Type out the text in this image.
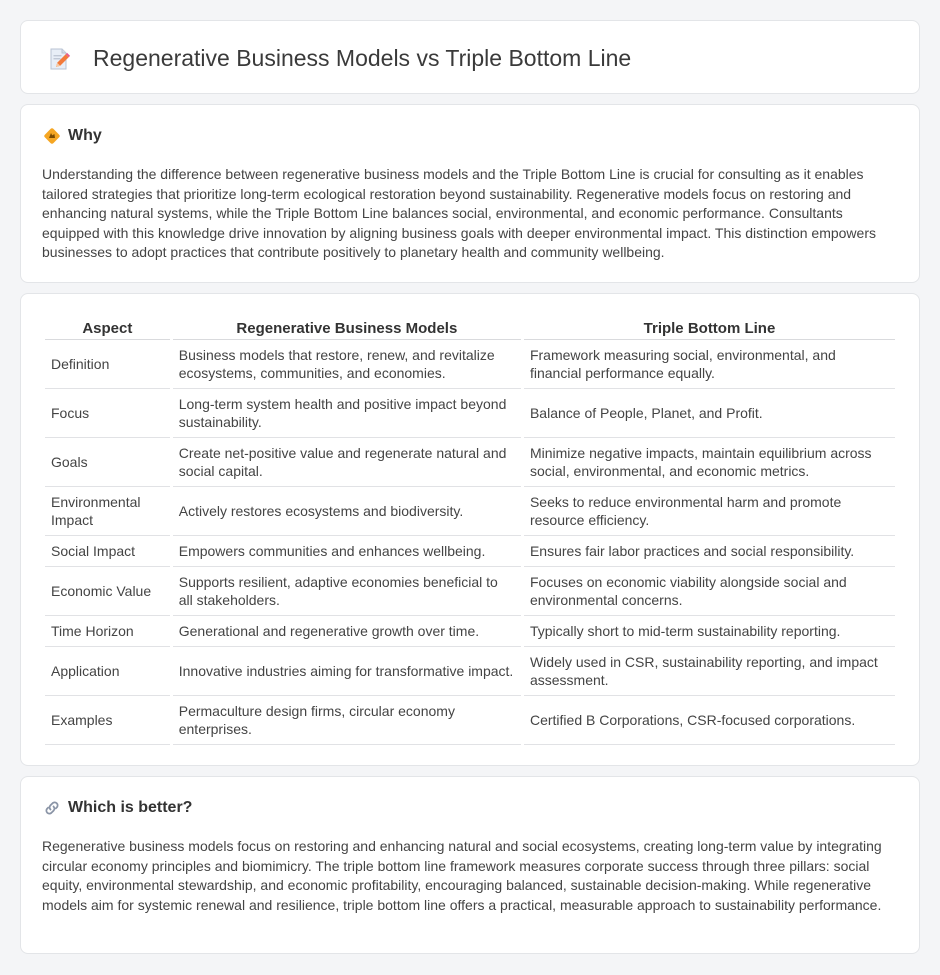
Regenerative Business Models vs Triple Bottom Line
Why
Understanding the difference between regenerative business models and the Triple Bottom Line is crucial for consulting as it enables tailored strategies that prioritize long-term ecological restoration beyond sustainability. Regenerative models focus on restoring and enhancing natural systems, while the Triple Bottom Line balances social, environmental, and economic performance. Consultants equipped with this knowledge drive innovation by aligning business goals with deeper environmental impact. This distinction empowers businesses to adopt practices that contribute positively to planetary health and community wellbeing.
Aspect	Regenerative Business Models	Triple Bottom Line
Definition	Business models that restore, renew, and revitalize ecosystems, communities, and economies.	Framework measuring social, environmental, and financial performance equally.
Focus	Long-term system health and positive impact beyond sustainability.	Balance of People, Planet, and Profit.
Goals	Create net-positive value and regenerate natural and social capital.	Minimize negative impacts, maintain equilibrium across social, environmental, and economic metrics.
Environmental Impact	Actively restores ecosystems and biodiversity.	Seeks to reduce environmental harm and promote resource efficiency.
Social Impact	Empowers communities and enhances wellbeing.	Ensures fair labor practices and social responsibility.
Economic Value	Supports resilient, adaptive economies beneficial to all stakeholders.	Focuses on economic viability alongside social and environmental concerns.
Time Horizon	Generational and regenerative growth over time.	Typically short to mid-term sustainability reporting.
Application	Innovative industries aiming for transformative impact.	Widely used in CSR, sustainability reporting, and impact assessment.
Examples	Permaculture design firms, circular economy enterprises.	Certified B Corporations, CSR-focused corporations.
Which is better?
Regenerative business models focus on restoring and enhancing natural and social ecosystems, creating long-term value by integrating circular economy principles and biomimicry. The triple bottom line framework measures corporate success through three pillars: social equity, environmental stewardship, and economic profitability, encouraging balanced, sustainable decision-making. While regenerative models aim for systemic renewal and resilience, triple bottom line offers a practical, measurable approach to sustainability performance.
